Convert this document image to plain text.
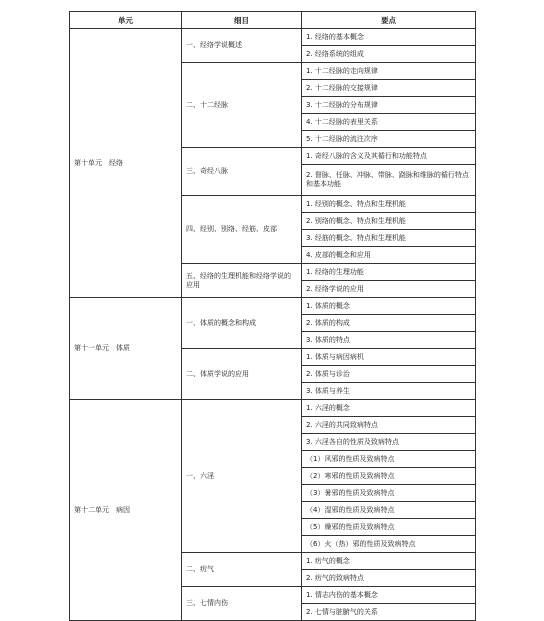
单元	细目	要点
第十单元　经络	一、经络学说概述	1. 经络的基本概念
		2. 经络系统的组成
	二、十二经脉	1. 十二经脉的走向规律
		2. 十二经脉的交接规律
		3. 十二经脉的分布规律
		4. 十二经脉的表里关系
		5. 十二经脉的流注次序
	三、奇经八脉	1. 奇经八脉的含义及其循行和功能特点
		2. 督脉、任脉、冲脉、带脉、跷脉和维脉的循行特点和基本功能
	四、经别、别络、经筋、皮部	1. 经别的概念、特点和生理机能
		2. 别络的概念、特点和生理机能
		3. 经筋的概念、特点和生理机能
		4. 皮部的概念和应用
	五、经络的生理机能和经络学说的应用	1. 经络的生理功能
		2. 经络学说的应用
第十一单元　体质	一、体质的概念和构成	1. 体质的概念
		2. 体质的构成
		3. 体质的特点
	二、体质学说的应用	1. 体质与病因病机
		2. 体质与诊治
		3. 体质与养生
第十二单元　病因	一、六淫	1. 六淫的概念
		2. 六淫的共同致病特点
		3. 六淫各自的性质及致病特点
		（1）风邪的性质及致病特点
		（2）寒邪的性质及致病特点
		（3）暑邪的性质及致病特点
		（4）湿邪的性质及致病特点
		（5）燥邪的性质及致病特点
		（6）火（热）邪的性质及致病特点
	二、疠气	1. 疠气的概念
		2. 疠气的致病特点
	三、七情内伤	1. 情志内伤的基本概念
		2. 七情与脏腑气的关系
